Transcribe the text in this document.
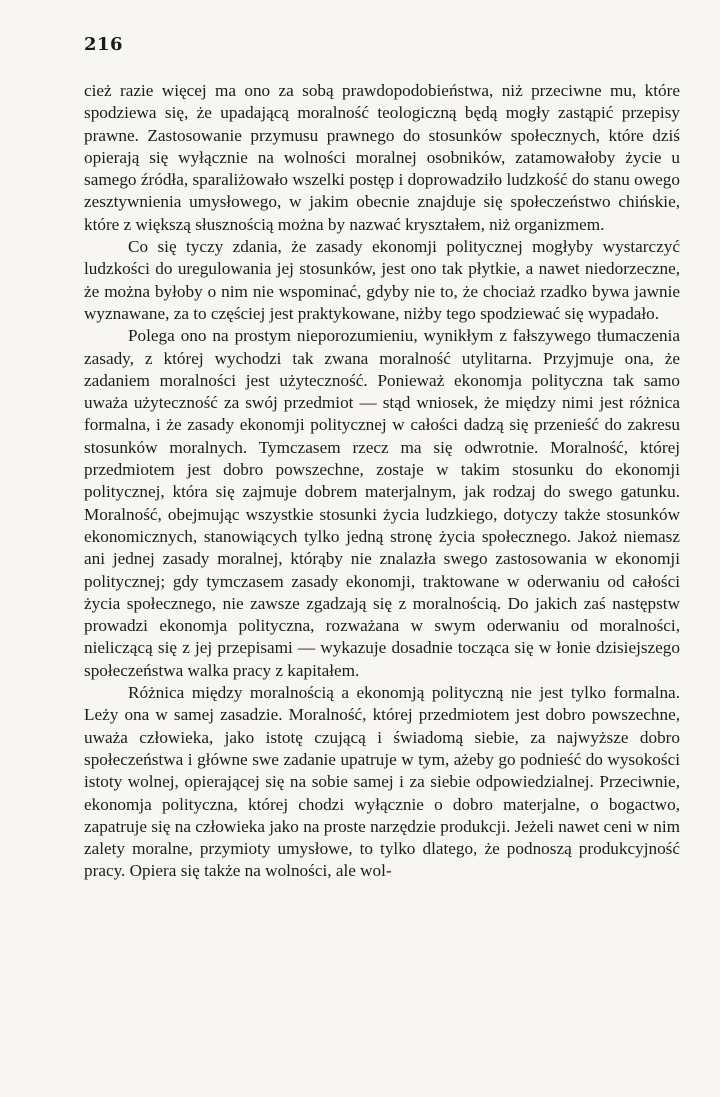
216

cież razie więcej ma ono za sobą prawdopodobieństwa, niż przeciwne mu, które spodziewa się, że upadającą moralność teologiczną będą mogły zastąpić przepisy prawne. Zastosowanie przymusu prawnego do stosunków społecznych, które dziś opierają się wyłącznie na wolności moralnej osobników, zatamowałoby życie u samego źródła, sparaliżowało wszelki postęp i doprowadziło ludzkość do stanu owego zesztywnienia umysłowego, w jakim obecnie znajduje się społeczeństwo chińskie, które z większą słusznością można by nazwać kryształem, niż organizmem.

Co się tyczy zdania, że zasady ekonomji politycznej mogłyby wystarczyć ludzkości do uregulowania jej stosunków, jest ono tak płytkie, a nawet niedorzeczne, że można byłoby o nim nie wspominać, gdyby nie to, że chociaż rzadko bywa jawnie wyznawane, za to częściej jest praktykowane, niżby tego spodziewać się wypadało.

Polega ono na prostym nieporozumieniu, wynikłym z fałszywego tłumaczenia zasady, z której wychodzi tak zwana moralność utylitarna. Przyjmuje ona, że zadaniem moralności jest użyteczność. Ponieważ ekonomja polityczna tak samo uważa użyteczność za swój przedmiot — stąd wniosek, że między nimi jest różnica formalna, i że zasady ekonomji politycznej w całości dadzą się przenieść do zakresu stosunków moralnych. Tymczasem rzecz ma się odwrotnie. Moralność, której przedmiotem jest dobro powszechne, zostaje w takim stosunku do ekonomji politycznej, która się zajmuje dobrem materjalnym, jak rodzaj do swego gatunku. Moralność, obejmując wszystkie stosunki życia ludzkiego, dotyczy także stosunków ekonomicznych, stanowiących tylko jedną stronę życia społecznego. Jakoż niemasz ani jednej zasady moralnej, którąby nie znalazła swego zastosowania w ekonomji politycznej; gdy tymczasem zasady ekonomji, traktowane w oderwaniu od całości życia społecznego, nie zawsze zgadzają się z moralnością. Do jakich zaś następstw prowadzi ekonomja polityczna, rozważana w swym oderwaniu od moralności, nieliczącą się z jej przepisami — wykazuje dosadnie tocząca się w łonie dzisiejszego społeczeństwa walka pracy z kapitałem.

Różnica między moralnością a ekonomją polityczną nie jest tylko formalna. Leży ona w samej zasadzie. Moralność, której przedmiotem jest dobro powszechne, uważa człowieka, jako istotę czującą i świadomą siebie, za najwyższe dobro społeczeństwa i główne swe zadanie upatruje w tym, ażeby go podnieść do wysokości istoty wolnej, opierającej się na sobie samej i za siebie odpowiedzialnej. Przeciwnie, ekonomja polityczna, której chodzi wyłącznie o dobro materjalne, o bogactwo, zapatruje się na człowieka jako na proste narzędzie produkcji. Jeżeli nawet ceni w nim zalety moralne, przymioty umysłowe, to tylko dlatego, że podnoszą produkcyjność pracy. Opiera się także na wolności, ale wol-
